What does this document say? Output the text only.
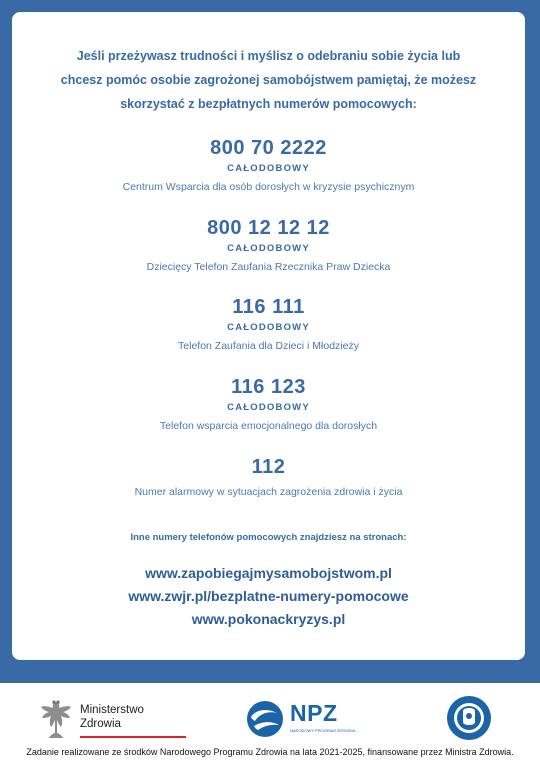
Jeśli przeżywasz trudności i myślisz o odebraniu sobie życia lub
chcesz pomóc osobie zagrożonej samobójstwem pamiętaj, że możesz
skorzystać z bezpłatnych numerów pomocowych:
800 70 2222
CAŁODOBOWY
Centrum Wsparcia dla osób dorosłych w kryzysie psychicznym
800 12 12 12
CAŁODOBOWY
Dziecięcy Telefon Zaufania Rzecznika Praw Dziecka
116 111
CAŁODOBOWY
Telefon Zaufania dla Dzieci i Młodzieży
116 123
CAŁODOBOWY
Telefon wsparcia emocjonalnego dla dorosłych
112
Numer alarmowy w sytuacjach zagrożenia zdrowia i życia
Inne numery telefonów pomocowych znajdziesz na stronach:
www.zapobiegajmysamobojstwom.pl
www.zwjr.pl/bezplatne-numery-pomocowe
www.pokonackryzys.pl
Ministerstwo
Zdrowia	NPZ
NARODOWY PROGRAM ZDROWIA
Zadanie realizowane ze środków Narodowego Programu Zdrowia na lata 2021-2025, finansowane przez Ministra Zdrowia.
